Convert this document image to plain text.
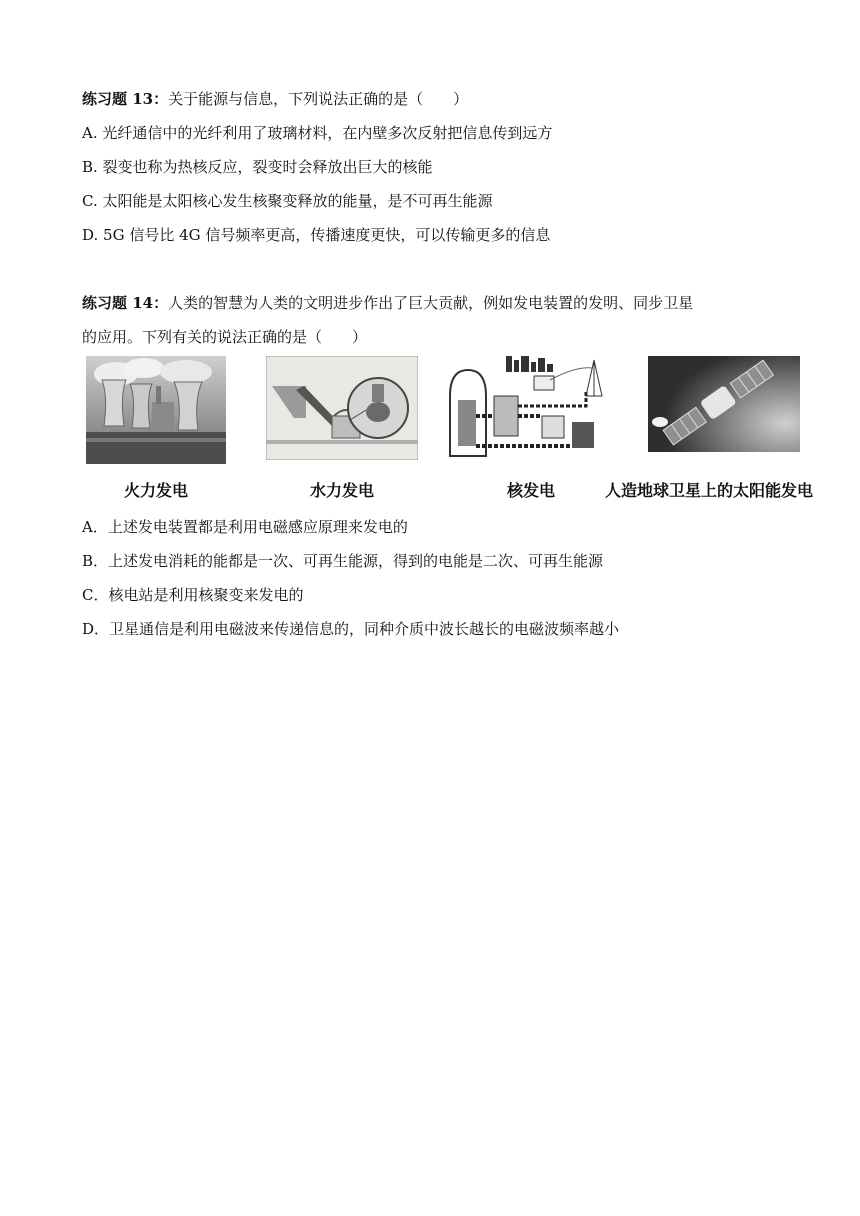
练习题 13：关于能源与信息，下列说法正确的是（　　）
A. 光纤通信中的光纤利用了玻璃材料，在内壁多次反射把信息传到远方
B. 裂变也称为热核反应，裂变时会释放出巨大的核能
C. 太阳能是太阳核心发生核聚变释放的能量，是不可再生能源
D. 5G 信号比 4G 信号频率更高，传播速度更快，可以传输更多的信息
练习题 14：人类的智慧为人类的文明进步作出了巨大贡献，例如发电装置的发明、同步卫星
的应用。下列有关的说法正确的是（　　）
火力发电	水力发电	核发电	人造地球卫星上的太阳能发电
A．上述发电装置都是利用电磁感应原理来发电的
B．上述发电消耗的能都是一次、可再生能源，得到的电能是二次、可再生能源
C．核电站是利用核聚变来发电的
D．卫星通信是利用电磁波来传递信息的，同种介质中波长越长的电磁波频率越小
